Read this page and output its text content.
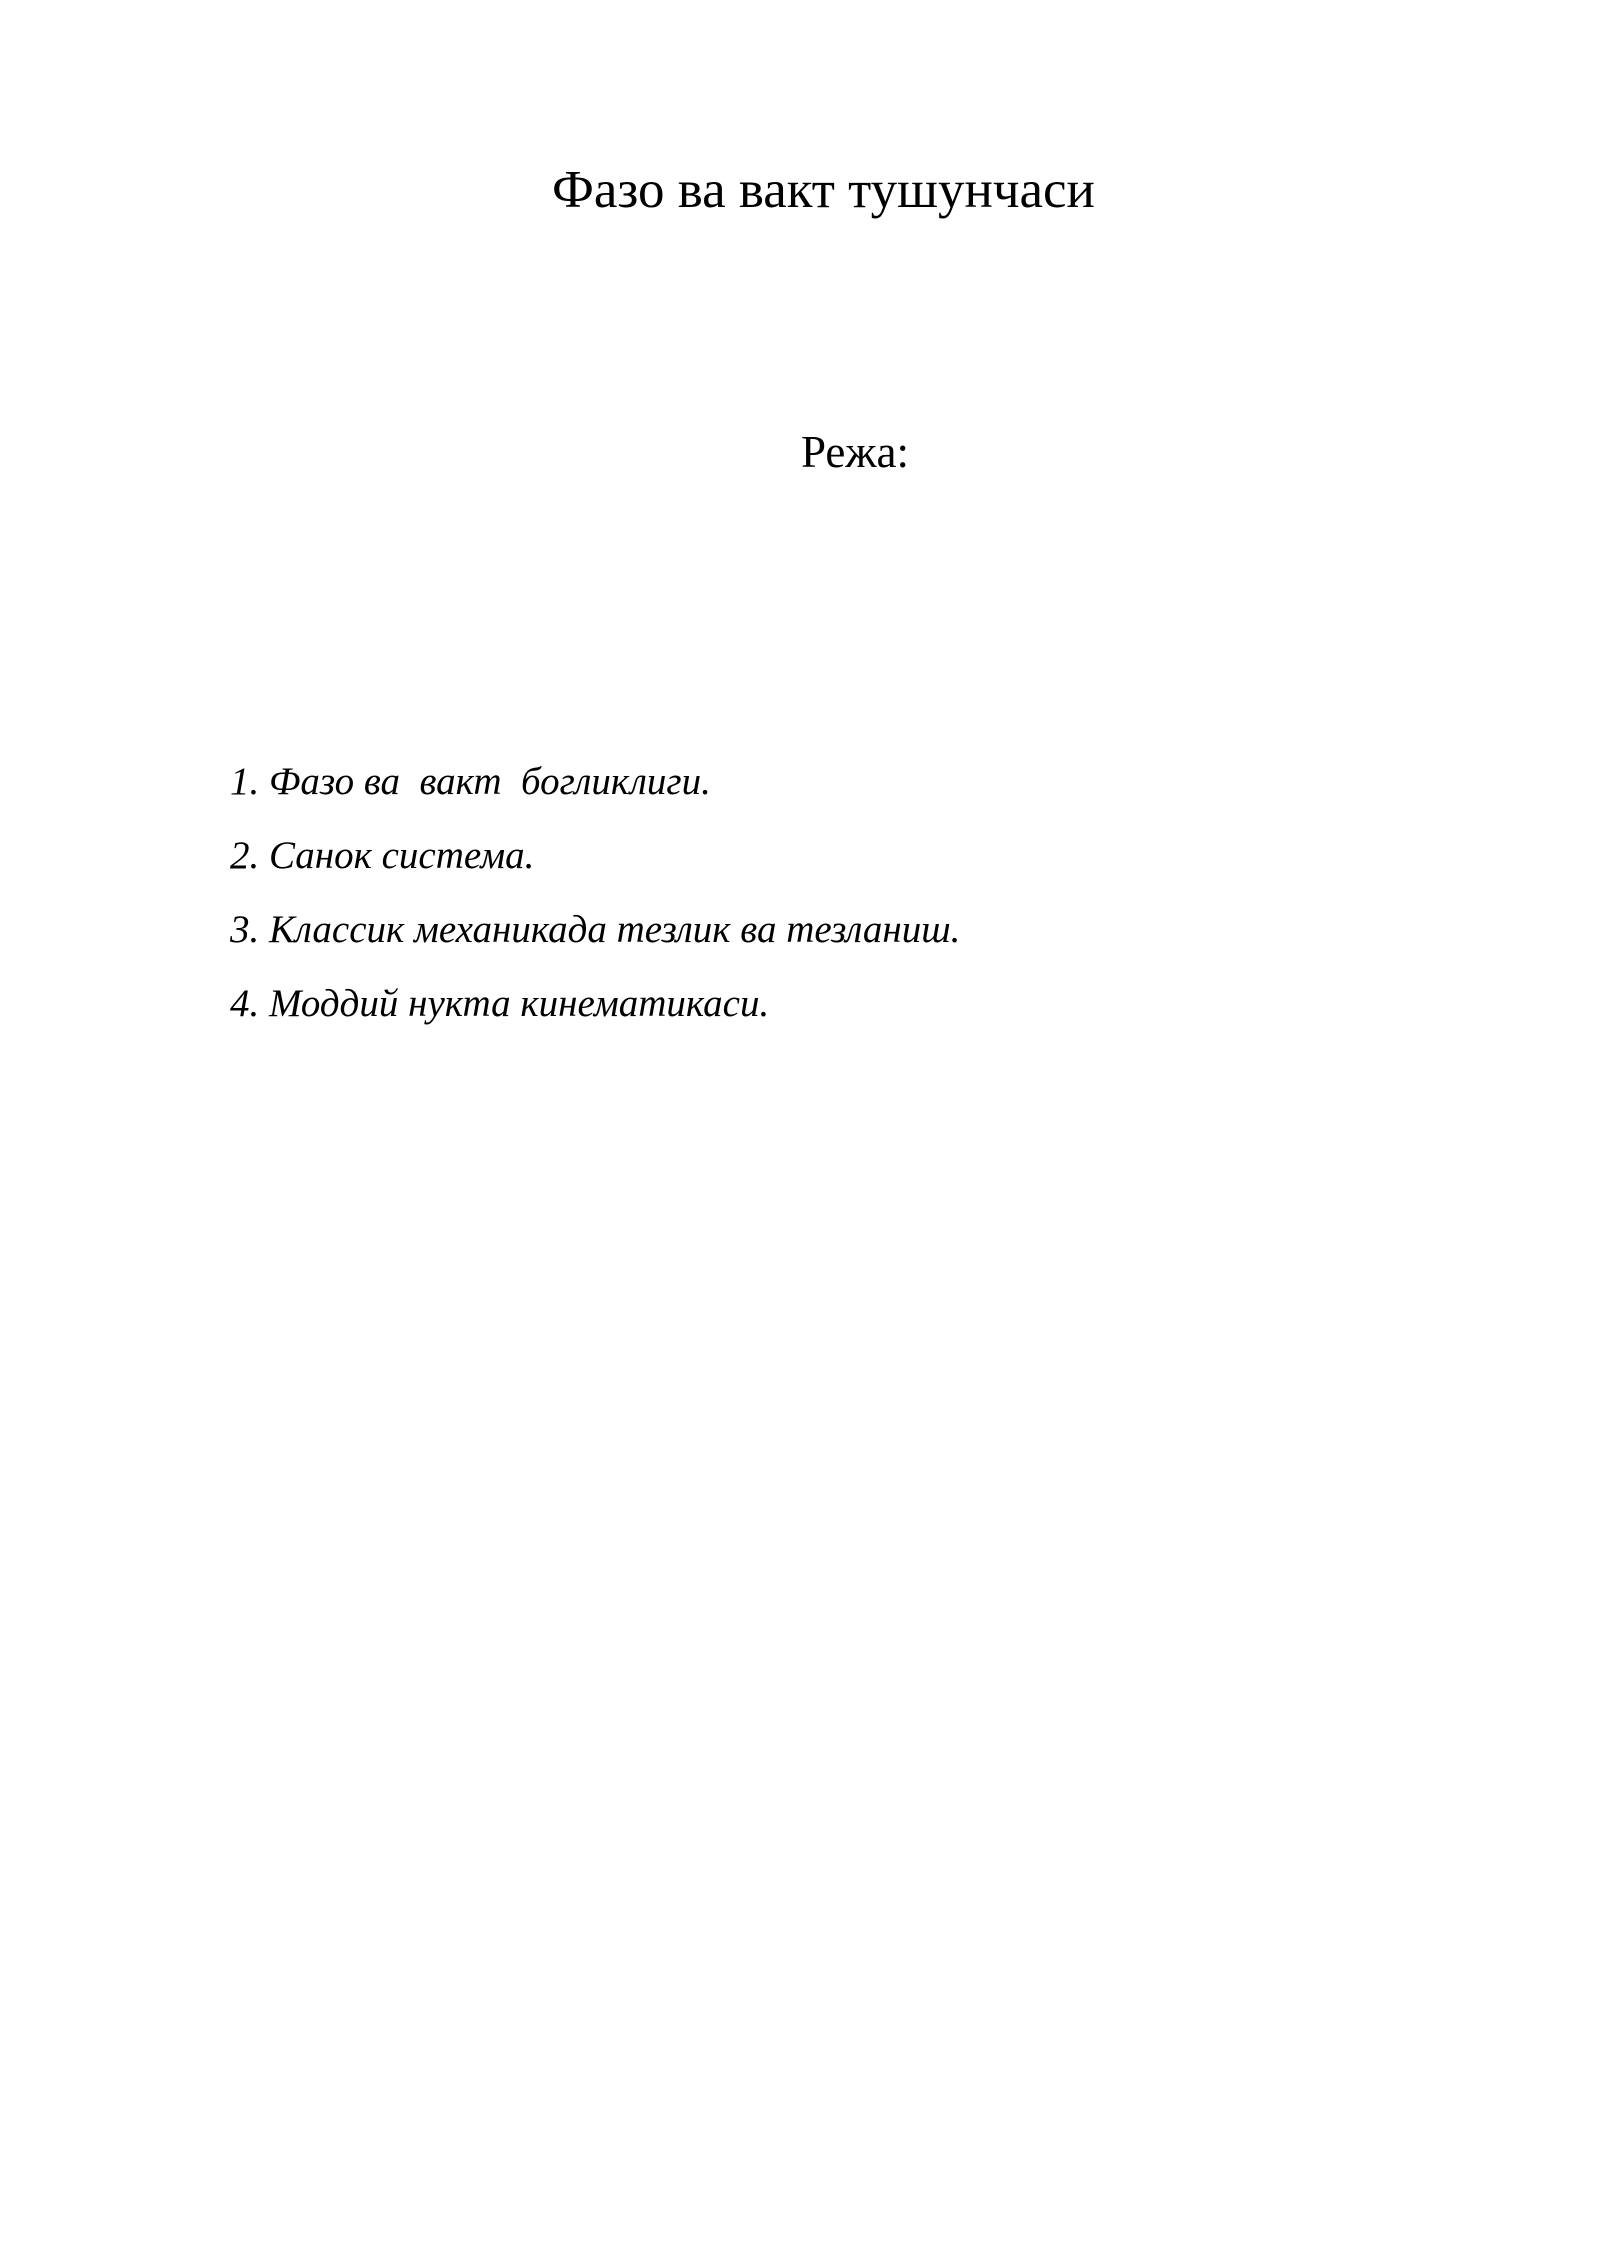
Фазо ва вакт тушунчаси
Режа:
1. Фазо ва  вакт  богликлиги.
2. Санок система.
3. Классик механикада тезлик ва тезланиш.
4. Моддий нукта кинематикаси.
